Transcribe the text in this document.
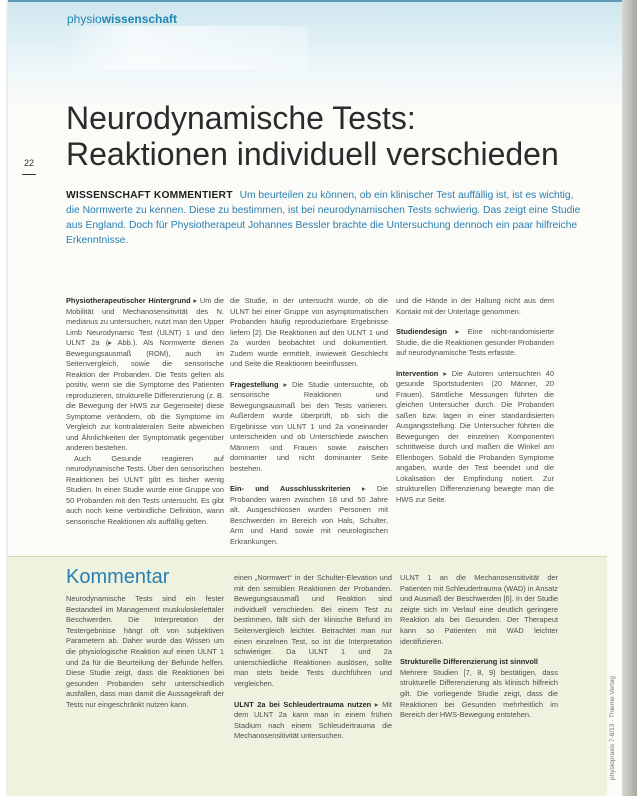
physiowissenschaft
22
Neurodynamische Tests:
Reaktionen individuell verschieden
WISSENSCHAFT KOMMENTIERT Um beurteilen zu können, ob ein klinischer Test auffällig ist, ist es wichtig, die Normwerte zu kennen. Diese zu bestimmen, ist bei neurodynamischen Tests schwierig. Das zeigt eine Studie aus England. Doch für Physiotherapeut Johannes Bessler brachte die Untersuchung dennoch ein paar hilfreiche Erkenntnisse.

Physiotherapeutischer Hintergrund ▸ Um die Mobilität und Mechanosensitivität des N. medianus zu untersuchen, nutzt man den Upper Limb Neurodynamic Test (ULNT) 1 und den ULNT 2a (▸ Abb.). Als Normwerte dienen Bewegungsausmaß (ROM), auch im Seitenvergleich, sowie die sensorische Reaktion der Probanden. Die Tests gelten als positiv, wenn sie die Symptome des Patienten reproduzieren, strukturelle Differenzierung (z. B. die Bewegung der HWS zur Gegenseite) diese Symptome verändern, ob die Symptome im Vergleich zur kontralateralen Seite abweichen und Ähnlichkeiten der Symptomatik gegenüber anderen bestehen.

Auch Gesunde reagieren auf neurodynamische Tests. Über den sensorischen Reaktionen bei ULNT gibt es bisher wenig Studien. In einer Studie wurde eine Gruppe von 50 Probanden mit den Tests untersucht. Es gibt auch noch keine verbindliche Definition, wann sensorische Reaktionen als auffällig gelten.

die Studie, in der untersucht wurde, ob die ULNT bei einer Gruppe von asymptomatischen Probanden häufig reproduzierbare Ergebnisse liefern [2]. Die Reaktionen auf den ULNT 1 und 2a wurden beobachtet und dokumentiert. Zudem wurde ermittelt, inwieweit Geschlecht und Seite die Reaktionen beeinflussen.

Fragestellung ▸ Die Studie untersuchte, ob sensorische Reaktionen und Bewegungsausmaß bei den Tests variieren. Außerdem wurde überprüft, ob sich die Ergebnisse von ULNT 1 und 2a voneinander unterscheiden und ob Unterschiede zwischen Männern und Frauen sowie zwischen dominanter und nicht dominanter Seite bestehen.

Ein- und Ausschlusskriterien ▸ Die Probanden waren zwischen 18 und 50 Jahre alt. Ausgeschlossen wurden Personen mit Beschwerden im Bereich von Hals, Schulter, Arm und Hand sowie mit neurologischen Erkrankungen.

und die Hände in der Haltung nicht aus dem Kontakt mit der Unterlage genommen.

Studiendesign ▸ Eine nicht-randomisierte Studie, die die Reaktionen gesunder Probanden auf neurodynamische Tests erfasste.

Intervention ▸ Die Autoren untersuchten 40 gesunde Sportstudenten (20 Männer, 20 Frauen). Sämtliche Messungen führten die gleichen Untersucher durch. Die Probanden saßen bzw. lagen in einer standardisierten Ausgangsstellung. Die Untersucher führten die Bewegungen der einzelnen Komponenten schrittweise durch und maßen die Winkel am Ellenbogen. Sobald die Probanden Symptome angaben, wurde der Test beendet und die Lokalisation der Empfindung notiert. Zur strukturellen Differenzierung bewegte man die HWS zur Seite.

Kommentar

Neurodynamische Tests sind ein fester Bestandteil im Management muskuloskelettaler Beschwerden. Die Interpretation der Testergebnisse hängt oft von subjektiven Parametern ab. Daher wurde das Wissen um die physiologische Reaktion auf einen ULNT 1 und 2a für die Beurteilung der Befunde helfen. Diese Studie zeigt, dass die Reaktionen bei gesunden Probanden sehr unterschiedlich ausfallen, dass man damit die Aussagekraft der Tests nur eingeschränkt nutzen kann.

einen „Normwert“ in der Schulter-Elevation und mit den sensiblen Reaktionen der Probanden. Bewegungsausmaß und Reaktion sind individuell verschieden. Bei einem Test zu bestimmen, fällt sich der klinische Befund im Seitenvergleich leichter. Betrachtet man nur einen einzelnen Test, so ist die Interpretation schwieriger. Da ULNT 1 und 2a unterschiedliche Reaktionen auslösen, sollte man stets beide Tests durchführen und vergleichen.

ULNT 2a bei Schleudertrauma nutzen ▸ Mit dem ULNT 2a kann man in einem frühen Stadium nach einem Schleudertrauma die Mechanosensitivität untersuchen.

ULNT 1 an die Mechanosensitivität der Patienten mit Schleudertrauma (WAD) in Ansatz und Ausmaß der Beschwerden [6]. In der Studie zeigte sich im Verlauf eine deutlich geringere Reaktion als bei Gesunden. Der Therapeut kann so Patienten mit WAD leichter identifizieren.

Strukturelle Differenzierung ist sinnvoll
Mehrere Studien [7, 8, 9] bestätigen, dass strukturelle Differenzierung als klinisch hilfreich gilt. Die vorliegende Studie zeigt, dass die Reaktionen bei Gesunden mehrheitlich im Bereich der HWS-Bewegung entstehen.	physiopraxis 7-8/13 · Thieme Verlag
